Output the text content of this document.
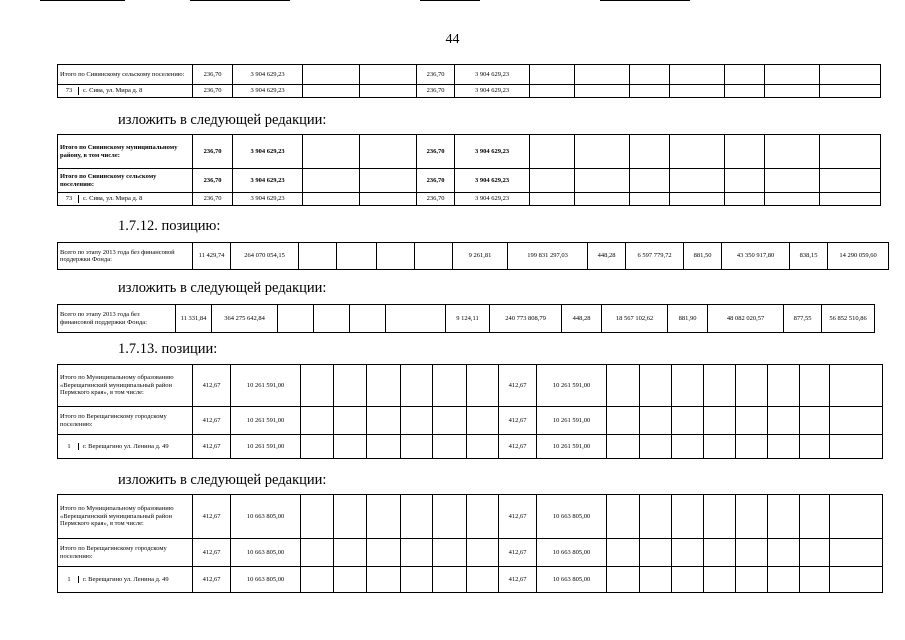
44
Итого по Сивинскому сельскому поселению:	236,70	3 904 629,23			236,70	3 904 629,23							
73 с. Сива, ул. Мира д. 8	236,70	3 904 629,23			236,70	3 904 629,23							
изложить в следующей редакции:
Итого по Сивинскому муниципальному району, в том числе:	236,70	3 904 629,23			236,70	3 904 629,23							
Итого по Сивинскому сельскому поселению:	236,70	3 904 629,23			236,70	3 904 629,23							
73 с. Сива, ул. Мира д. 8	236,70	3 904 629,23			236,70	3 904 629,23							
1.7.12. позицию:
Всего по этапу 2013 года без финансовой поддержки Фонда:	11 429,74	264 070 054,15					9 261,81	199 831 297,03	448,28	6 597 779,72	881,50	43 350 917,80	838,15	14 290 059,60
изложить в следующей редакции:
Всего по этапу 2013 года без финансовой поддержки Фонда:	11 331,84	364 275 642,84					9 124,11	240 773 808,79	448,28	18 567 102,62	881,90	48 082 020,57	877,55	56 852 510,86
1.7.13. позиции:
Итого по Муниципальному образованию «Верещагинский муниципальный район Пермского края», в том числе:	412,67	10 261 591,00							412,67	10 261 591,00								
Итого по Верещагинскому городскому поселению:	412,67	10 261 591,00							412,67	10 261 591,00								
1 г. Верещагино ул. Ленина д. 49	412,67	10 261 591,00							412,67	10 261 591,00								
изложить в следующей редакции:
Итого по Муниципальному образованию «Верещагинский муниципальный район Пермского края», в том числе:	412,67	10 663 805,00							412,67	10 663 805,00								
Итого по Верещагинскому городскому поселению:	412,67	10 663 805,00							412,67	10 663 805,00								
1 г. Верещагино ул. Ленина д. 49	412,67	10 663 805,00							412,67	10 663 805,00								
